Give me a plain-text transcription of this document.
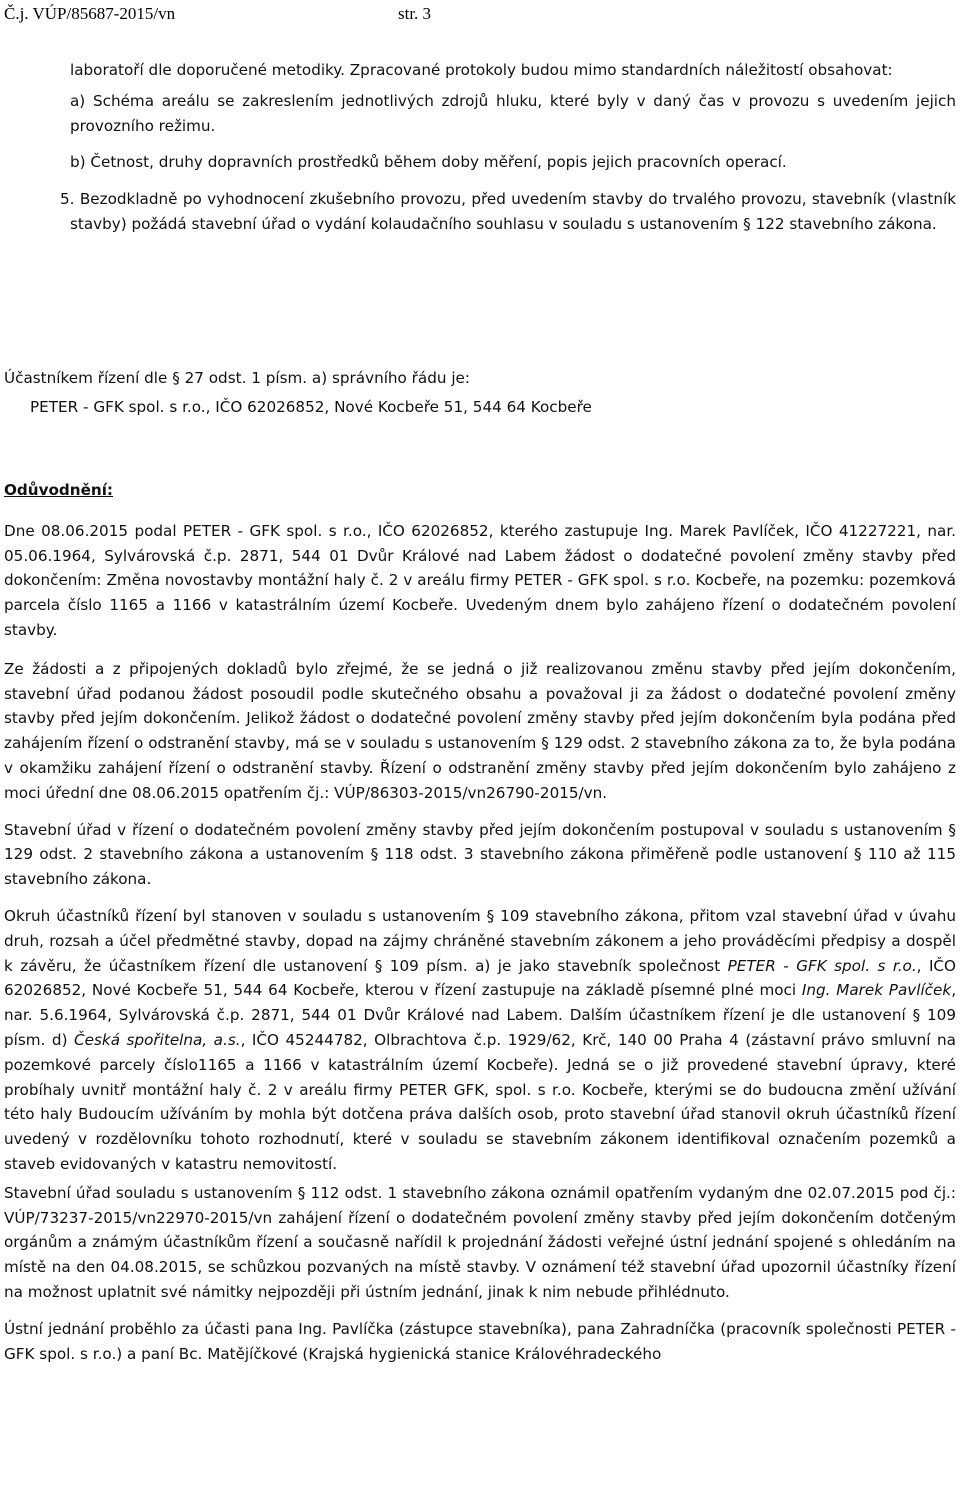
Č.j. VÚP/85687-2015/vn	str. 3

laboratoří dle doporučené metodiky. Zpracované protokoly budou mimo standardních náležitostí obsahovat:

a) Schéma areálu se zakreslením jednotlivých zdrojů hluku, které byly v daný čas v provozu s uvedením jejich provozního režimu.

b) Četnost, druhy dopravních prostředků během doby měření, popis jejich pracovních operací.

5. Bezodkladně po vyhodnocení zkušebního provozu, před uvedením stavby do trvalého provozu, stavebník (vlastník stavby) požádá stavební úřad o vydání kolaudačního souhlasu v souladu s ustanovením § 122 stavebního zákona.

Účastníkem řízení dle § 27 odst. 1 písm. a) správního řádu je:

PETER - GFK spol. s r.o., IČO 62026852, Nové Kocbeře 51, 544 64 Kocbeře

Odůvodnění:

Dne 08.06.2015 podal PETER - GFK spol. s r.o., IČO 62026852, kterého zastupuje Ing. Marek Pavlíček, IČO 41227221, nar. 05.06.1964, Sylvárovská č.p. 2871, 544 01 Dvůr Králové nad Labem žádost o dodatečné povolení změny stavby před dokončením: Změna novostavby montážní haly č. 2 v areálu firmy PETER - GFK spol. s r.o. Kocbeře, na pozemku: pozemková parcela číslo 1165 a 1166 v katastrálním území Kocbeře. Uvedeným dnem bylo zahájeno řízení o dodatečném povolení stavby.

Ze žádosti a z připojených dokladů bylo zřejmé, že se jedná o již realizovanou změnu stavby před jejím dokončením, stavební úřad podanou žádost posoudil podle skutečného obsahu a považoval ji za žádost o dodatečné povolení změny stavby před jejím dokončením. Jelikož žádost o dodatečné povolení změny stavby před jejím dokončením byla podána před zahájením řízení o odstranění stavby, má se v souladu s ustanovením § 129 odst. 2 stavebního zákona za to, že byla podána v okamžiku zahájení řízení o odstranění stavby. Řízení o odstranění změny stavby před jejím dokončením bylo zahájeno z moci úřední dne 08.06.2015 opatřením čj.: VÚP/86303-2015/vn26790-2015/vn.

Stavební úřad v řízení o dodatečném povolení změny stavby před jejím dokončením postupoval v souladu s ustanovením § 129 odst. 2 stavebního zákona a ustanovením § 118 odst. 3 stavebního zákona přiměřeně podle ustanovení § 110 až 115 stavebního zákona.

Okruh účastníků řízení byl stanoven v souladu s ustanovením § 109 stavebního zákona, přitom vzal stavební úřad v úvahu druh, rozsah a účel předmětné stavby, dopad na zájmy chráněné stavebním zákonem a jeho prováděcími předpisy a dospěl k závěru, že účastníkem řízení dle ustanovení § 109 písm. a) je jako stavebník společnost PETER - GFK spol. s r.o., IČO 62026852, Nové Kocbeře 51, 544 64 Kocbeře, kterou v řízení zastupuje na základě písemné plné moci Ing. Marek Pavlíček, nar. 5.6.1964, Sylvárovská č.p. 2871, 544 01 Dvůr Králové nad Labem. Dalším účastníkem řízení je dle ustanovení § 109 písm. d) Česká spořitelna, a.s., IČO 45244782, Olbrachtova č.p. 1929/62, Krč, 140 00 Praha 4 (zástavní právo smluvní na pozemkové parcely číslo1165 a 1166 v katastrálním území Kocbeře). Jedná se o již provedené stavební úpravy, které probíhaly uvnitř montážní haly č. 2 v areálu firmy PETER GFK, spol. s r.o. Kocbeře, kterými se do budoucna změní užívání této haly Budoucím užíváním by mohla být dotčena práva dalších osob, proto stavební úřad stanovil okruh účastníků řízení uvedený v rozdělovníku tohoto rozhodnutí, které v souladu se stavebním zákonem identifikoval označením pozemků a staveb evidovaných v katastru nemovitostí.

Stavební úřad souladu s ustanovením § 112 odst. 1 stavebního zákona oznámil opatřením vydaným dne 02.07.2015 pod čj.: VÚP/73237-2015/vn22970-2015/vn zahájení řízení o dodatečném povolení změny stavby před jejím dokončením dotčeným orgánům a známým účastníkům řízení a současně nařídil k projednání žádosti veřejné ústní jednání spojené s ohledáním na místě na den 04.08.2015, se schůzkou pozvaných na místě stavby. V oznámení též stavební úřad upozornil účastníky řízení na možnost uplatnit své námitky nejpozději při ústním jednání, jinak k nim nebude přihlédnuto.

Ústní jednání proběhlo za účasti pana Ing. Pavlíčka (zástupce stavebníka), pana Zahradníčka (pracovník společnosti PETER - GFK spol. s r.o.) a paní Bc. Matějíčkové (Krajská hygienická stanice Královéhradeckého
